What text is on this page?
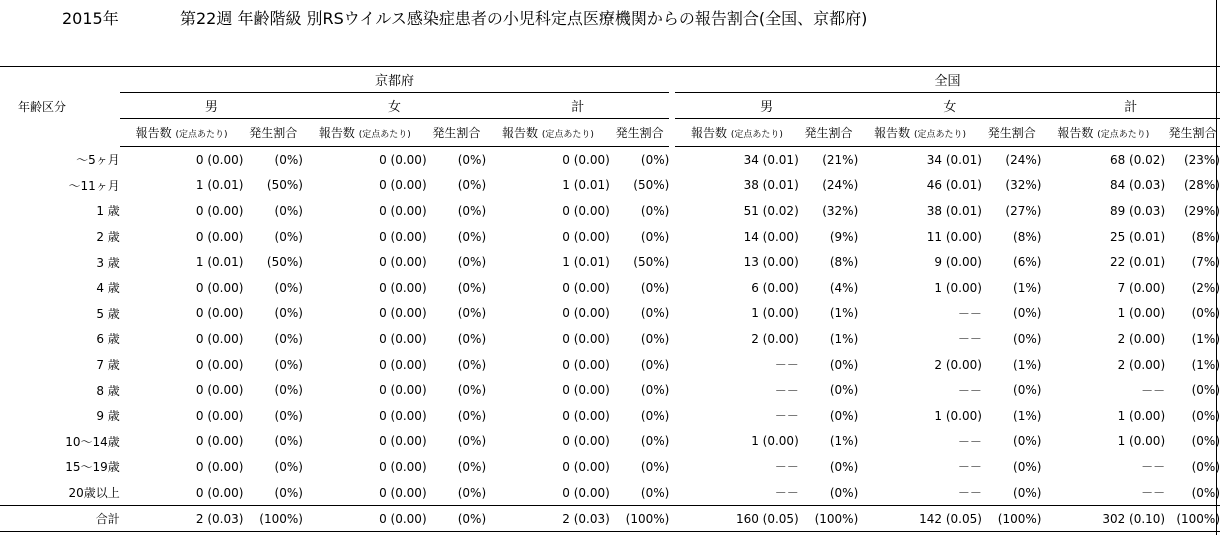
2015年	第22週 年齢階級 別RSウイルス感染症患者の小児科定点医療機関からの報告割合(全国、京都府)
年齢区分	京都府							全国					
	男		女		計			男		女		計	
	報告数 (定点あたり)	発生割合	報告数 (定点あたり)	発生割合	報告数 (定点あたり)	発生割合		報告数 (定点あたり)	発生割合	報告数 (定点あたり)	発生割合	報告数 (定点あたり)	発生割合
～5ヶ月	0 (0.00)	(0%)	0 (0.00)	(0%)	0 (0.00)	(0%)		34 (0.01)	(21%)	34 (0.01)	(24%)	68 (0.02)	(23%)
～11ヶ月	1 (0.01)	(50%)	0 (0.00)	(0%)	1 (0.01)	(50%)		38 (0.01)	(24%)	46 (0.01)	(32%)	84 (0.03)	(28%)
1 歳	0 (0.00)	(0%)	0 (0.00)	(0%)	0 (0.00)	(0%)		51 (0.02)	(32%)	38 (0.01)	(27%)	89 (0.03)	(29%)
2 歳	0 (0.00)	(0%)	0 (0.00)	(0%)	0 (0.00)	(0%)		14 (0.00)	(9%)	11 (0.00)	(8%)	25 (0.01)	(8%)
3 歳	1 (0.01)	(50%)	0 (0.00)	(0%)	1 (0.01)	(50%)		13 (0.00)	(8%)	9 (0.00)	(6%)	22 (0.01)	(7%)
4 歳	0 (0.00)	(0%)	0 (0.00)	(0%)	0 (0.00)	(0%)		6 (0.00)	(4%)	1 (0.00)	(1%)	7 (0.00)	(2%)
5 歳	0 (0.00)	(0%)	0 (0.00)	(0%)	0 (0.00)	(0%)		1 (0.00)	(1%)	－－	(0%)	1 (0.00)	(0%)
6 歳	0 (0.00)	(0%)	0 (0.00)	(0%)	0 (0.00)	(0%)		2 (0.00)	(1%)	－－	(0%)	2 (0.00)	(1%)
7 歳	0 (0.00)	(0%)	0 (0.00)	(0%)	0 (0.00)	(0%)		－－	(0%)	2 (0.00)	(1%)	2 (0.00)	(1%)
8 歳	0 (0.00)	(0%)	0 (0.00)	(0%)	0 (0.00)	(0%)		－－	(0%)	－－	(0%)	－－	(0%)
9 歳	0 (0.00)	(0%)	0 (0.00)	(0%)	0 (0.00)	(0%)		－－	(0%)	1 (0.00)	(1%)	1 (0.00)	(0%)
10～14歳	0 (0.00)	(0%)	0 (0.00)	(0%)	0 (0.00)	(0%)		1 (0.00)	(1%)	－－	(0%)	1 (0.00)	(0%)
15～19歳	0 (0.00)	(0%)	0 (0.00)	(0%)	0 (0.00)	(0%)		－－	(0%)	－－	(0%)	－－	(0%)
20歳以上	0 (0.00)	(0%)	0 (0.00)	(0%)	0 (0.00)	(0%)		－－	(0%)	－－	(0%)	－－	(0%)
合計	2 (0.03)	(100%)	0 (0.00)	(0%)	2 (0.03)	(100%)		160 (0.05)	(100%)	142 (0.05)	(100%)	302 (0.10)	(100%)
